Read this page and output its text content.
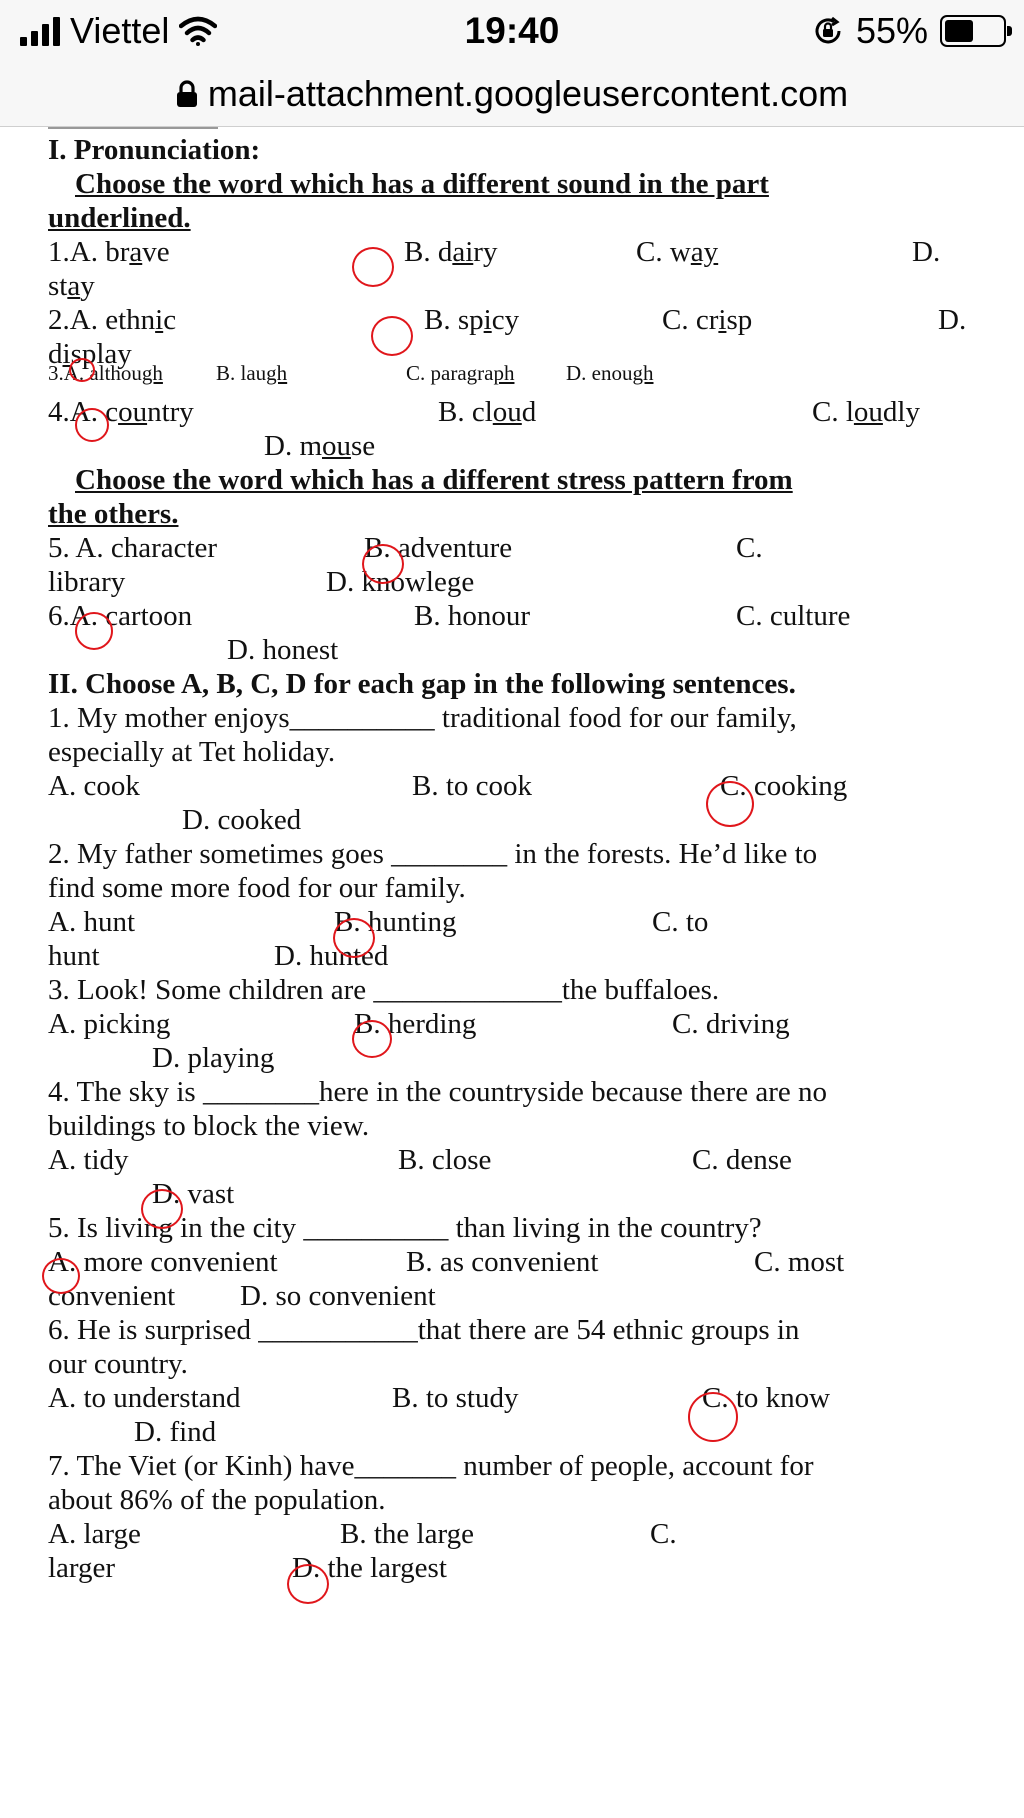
Viettel	19:40	55%
mail-attachment.googleusercontent.com
I. Pronunciation:
Choose the word which has a different sound in the part
underlined.
1.A. brave	B. dairy	C. way	D.
stay
2.A. ethnic	B. spicy	C. crisp	D.
display
3.A. although	B. laugh	C. paragraph D. enough
4.A. country	B. cloud	C. loudly
D. mouse
Choose the word which has a different stress pattern from
the others.
5. A. character	B. adventure	C.
library	D. knowlege
6.A. cartoon	B. honour	C. culture
D. honest
II. Choose A, B, C, D for each gap in the following sentences.
1. My mother enjoys__________ traditional food for our family,
especially at Tet holiday.
A. cook	B. to cook	C. cooking
D. cooked
2. My father sometimes goes ________ in the forests. He’d like to
find some more food for our family.
A. hunt	B. hunting	C. to
hunt	D. hunted
3. Look! Some children are _____________the buffaloes.
A. picking	B. herding	C. driving
D. playing
4. The sky is ________here in the countryside because there are no
buildings to block the view.
A. tidy	B. close	C. dense
D. vast
5. Is living in the city __________ than living in the country?
A. more convenient	B. as convenient	C. most
convenient D. so convenient
6. He is surprised ___________that there are 54 ethnic groups in
our country.
A. to understand	B. to study	C. to know
D. find
7. The Viet (or Kinh) have_______ number of people, account for
about 86% of the population.
A. large	B. the large	C.
larger	D. the largest
